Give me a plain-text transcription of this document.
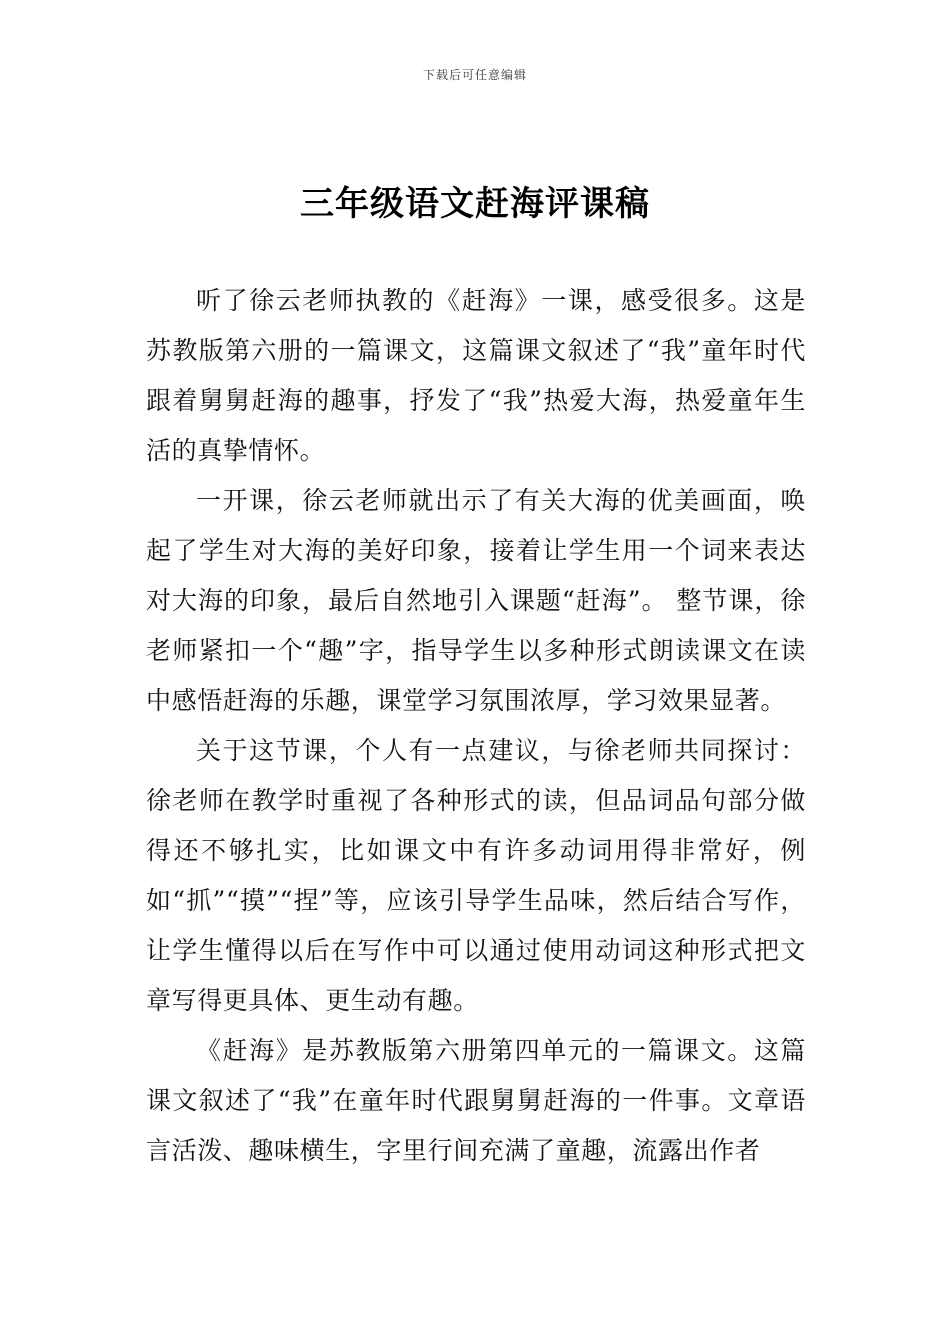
下载后可任意编辑
三年级语文赶海评课稿

听了徐云老师执教的《赶海》一课，感受很多。这是苏教版第六册的一篇课文，这篇课文叙述了“我”童年时代跟着舅舅赶海的趣事，抒发了“我”热爱大海，热爱童年生活的真挚情怀。

一开课，徐云老师就出示了有关大海的优美画面，唤起了学生对大海的美好印象，接着让学生用一个词来表达对大海的印象，最后自然地引入课题“赶海”。 整节课，徐老师紧扣一个“趣”字，指导学生以多种形式朗读课文在读中感悟赶海的乐趣，课堂学习氛围浓厚，学习效果显著。

关于这节课，个人有一点建议，与徐老师共同探讨：徐老师在教学时重视了各种形式的读，但品词品句部分做得还不够扎实，比如课文中有许多动词用得非常好，例如“抓”“摸”“捏”等，应该引导学生品味，然后结合写作，让学生懂得以后在写作中可以通过使用动词这种形式把文章写得更具体、更生动有趣。

《赶海》是苏教版第六册第四单元的一篇课文。这篇课文叙述了“我”在童年时代跟舅舅赶海的一件事。文章语言活泼、趣味横生，字里行间充满了童趣，流露出作者
